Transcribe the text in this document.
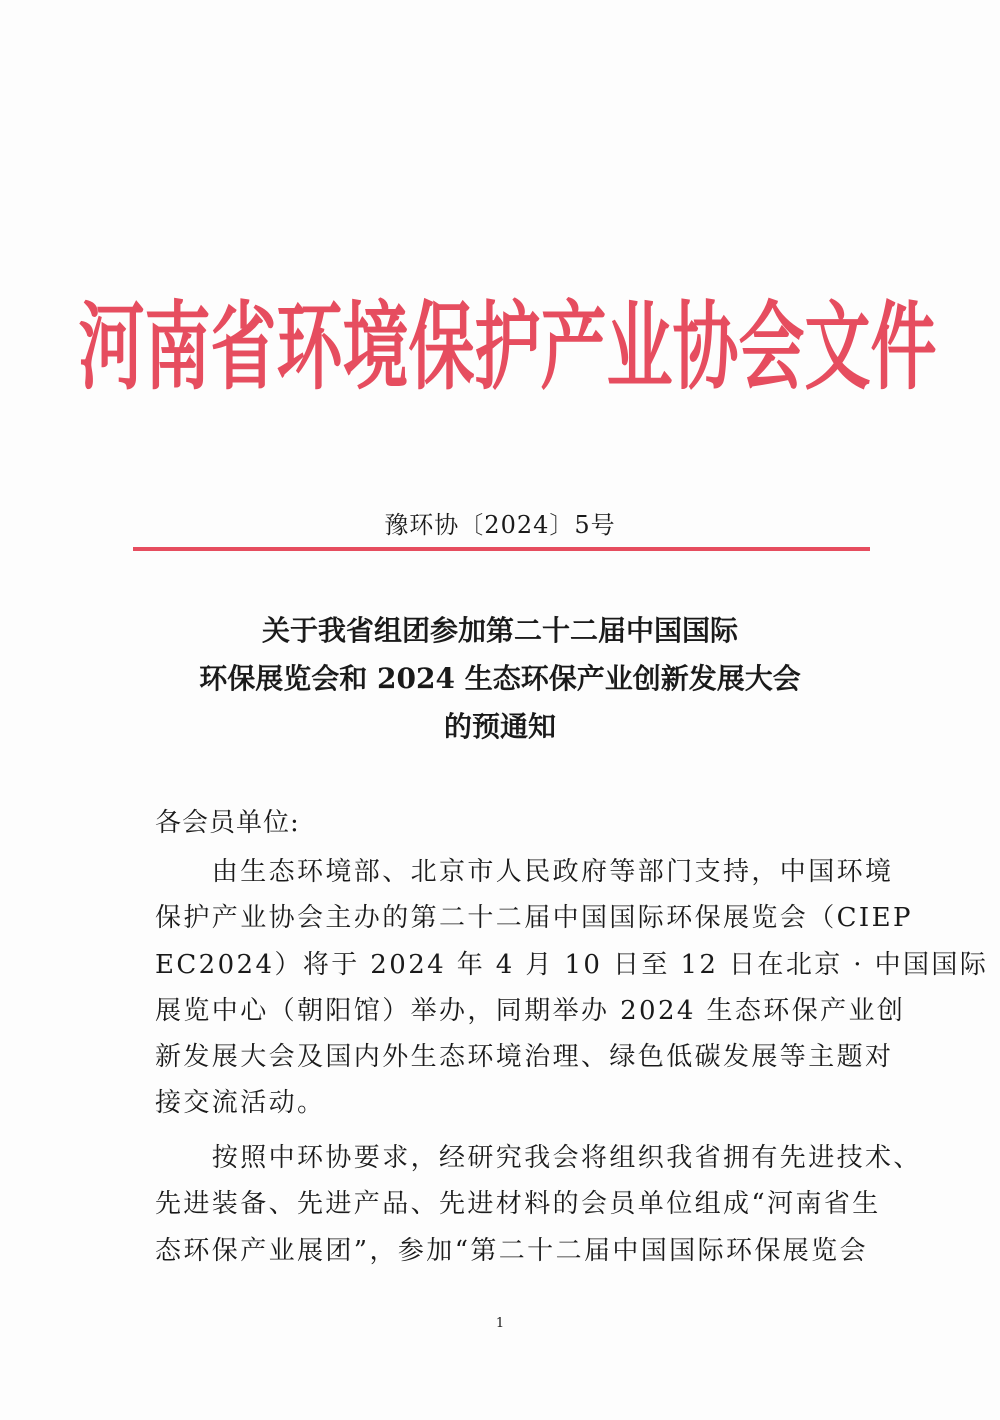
河南省环境保护产业协会文件
豫环协〔2024〕5号
关于我省组团参加第二十二届中国国际
环保展览会和 2024 生态环保产业创新发展大会
的预通知
各会员单位:
　　由生态环境部、北京市人民政府等部门支持，中国环境
保护产业协会主办的第二十二届中国国际环保展览会（CIEP
EC2024）将于 2024 年 4 月 10 日至 12 日在北京 · 中国国际
展览中心（朝阳馆）举办，同期举办 2024 生态环保产业创
新发展大会及国内外生态环境治理、绿色低碳发展等主题对
接交流活动。
　　按照中环协要求，经研究我会将组织我省拥有先进技术、
先进装备、先进产品、先进材料的会员单位组成“河南省生
态环保产业展团”，参加“第二十二届中国国际环保展览会
1
